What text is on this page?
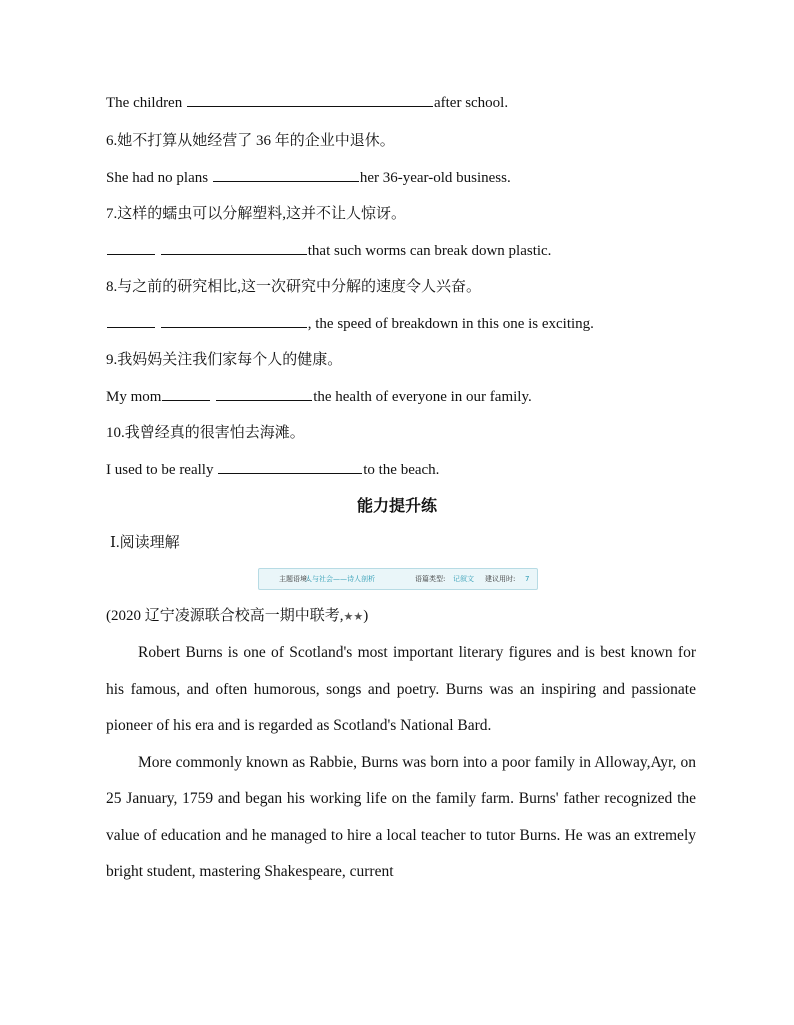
The children	after school.
6.她不打算从她经营了 36 年的企业中退休。
She had no plans	her 36-year-old business.
7.这样的蠕虫可以分解塑料,这并不让人惊讶。
that such worms can break down plastic.
8.与之前的研究相比,这一次研究中分解的速度令人兴奋。
, the speed of breakdown in this one is exciting.
9.我妈妈关注我们家每个人的健康。
My mom	the health of everyone in our family.
10.我曾经真的很害怕去海滩。
I used to be really	to the beach.
能力提升练
Ⅰ.阅读理解
主题语境:
人与社会——诗人剖析	语篇类型: 记叙文 建议用时: 7
(2020 辽宁凌源联合校高一期中联考,★★)

Robert Burns is one of Scotland's most important literary figures and is best known for his famous, and often humorous, songs and poetry. Burns was an inspiring and passionate pioneer of his era and is regarded as Scotland's National Bard.

More commonly known as Rabbie, Burns was born into a poor family in Alloway,Ayr, on 25 January, 1759 and began his working life on the family farm. Burns' father recognized the value of education and he managed to hire a local teacher to tutor Burns. He was an extremely bright student, mastering Shakespeare, current
